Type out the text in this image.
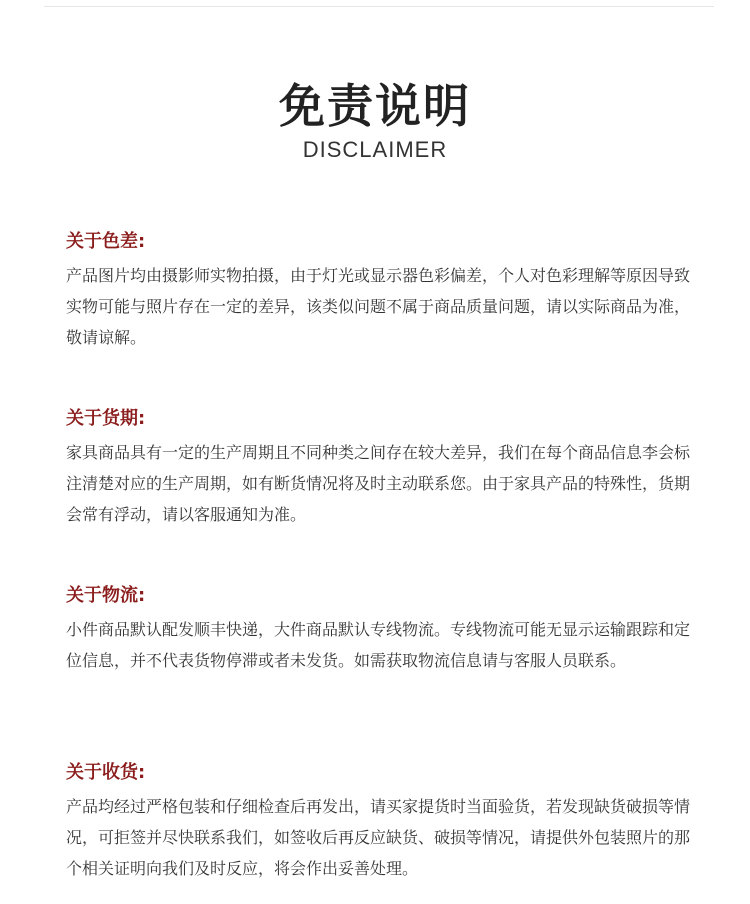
免责说明
DISCLAIMER
关于色差:

产品图片均由摄影师实物拍摄，由于灯光或显示器色彩偏差，个人对色彩理解等原因导致实物可能与照片存在一定的差异，该类似问题不属于商品质量问题，请以实际商品为准，敬请谅解。

关于货期:

家具商品具有一定的生产周期且不同种类之间存在较大差异，我们在每个商品信息李会标注清楚对应的生产周期，如有断货情况将及时主动联系您。由于家具产品的特殊性，货期会常有浮动，请以客服通知为准。

关于物流:

小件商品默认配发顺丰快递，大件商品默认专线物流。专线物流可能无显示运输跟踪和定位信息，并不代表货物停滞或者未发货。如需获取物流信息请与客服人员联系。

关于收货:

产品均经过严格包装和仔细检查后再发出，请买家提货时当面验货，若发现缺货破损等情况，可拒签并尽快联系我们，如签收后再反应缺货、破损等情况，请提供外包装照片的那个相关证明向我们及时反应，将会作出妥善处理。
